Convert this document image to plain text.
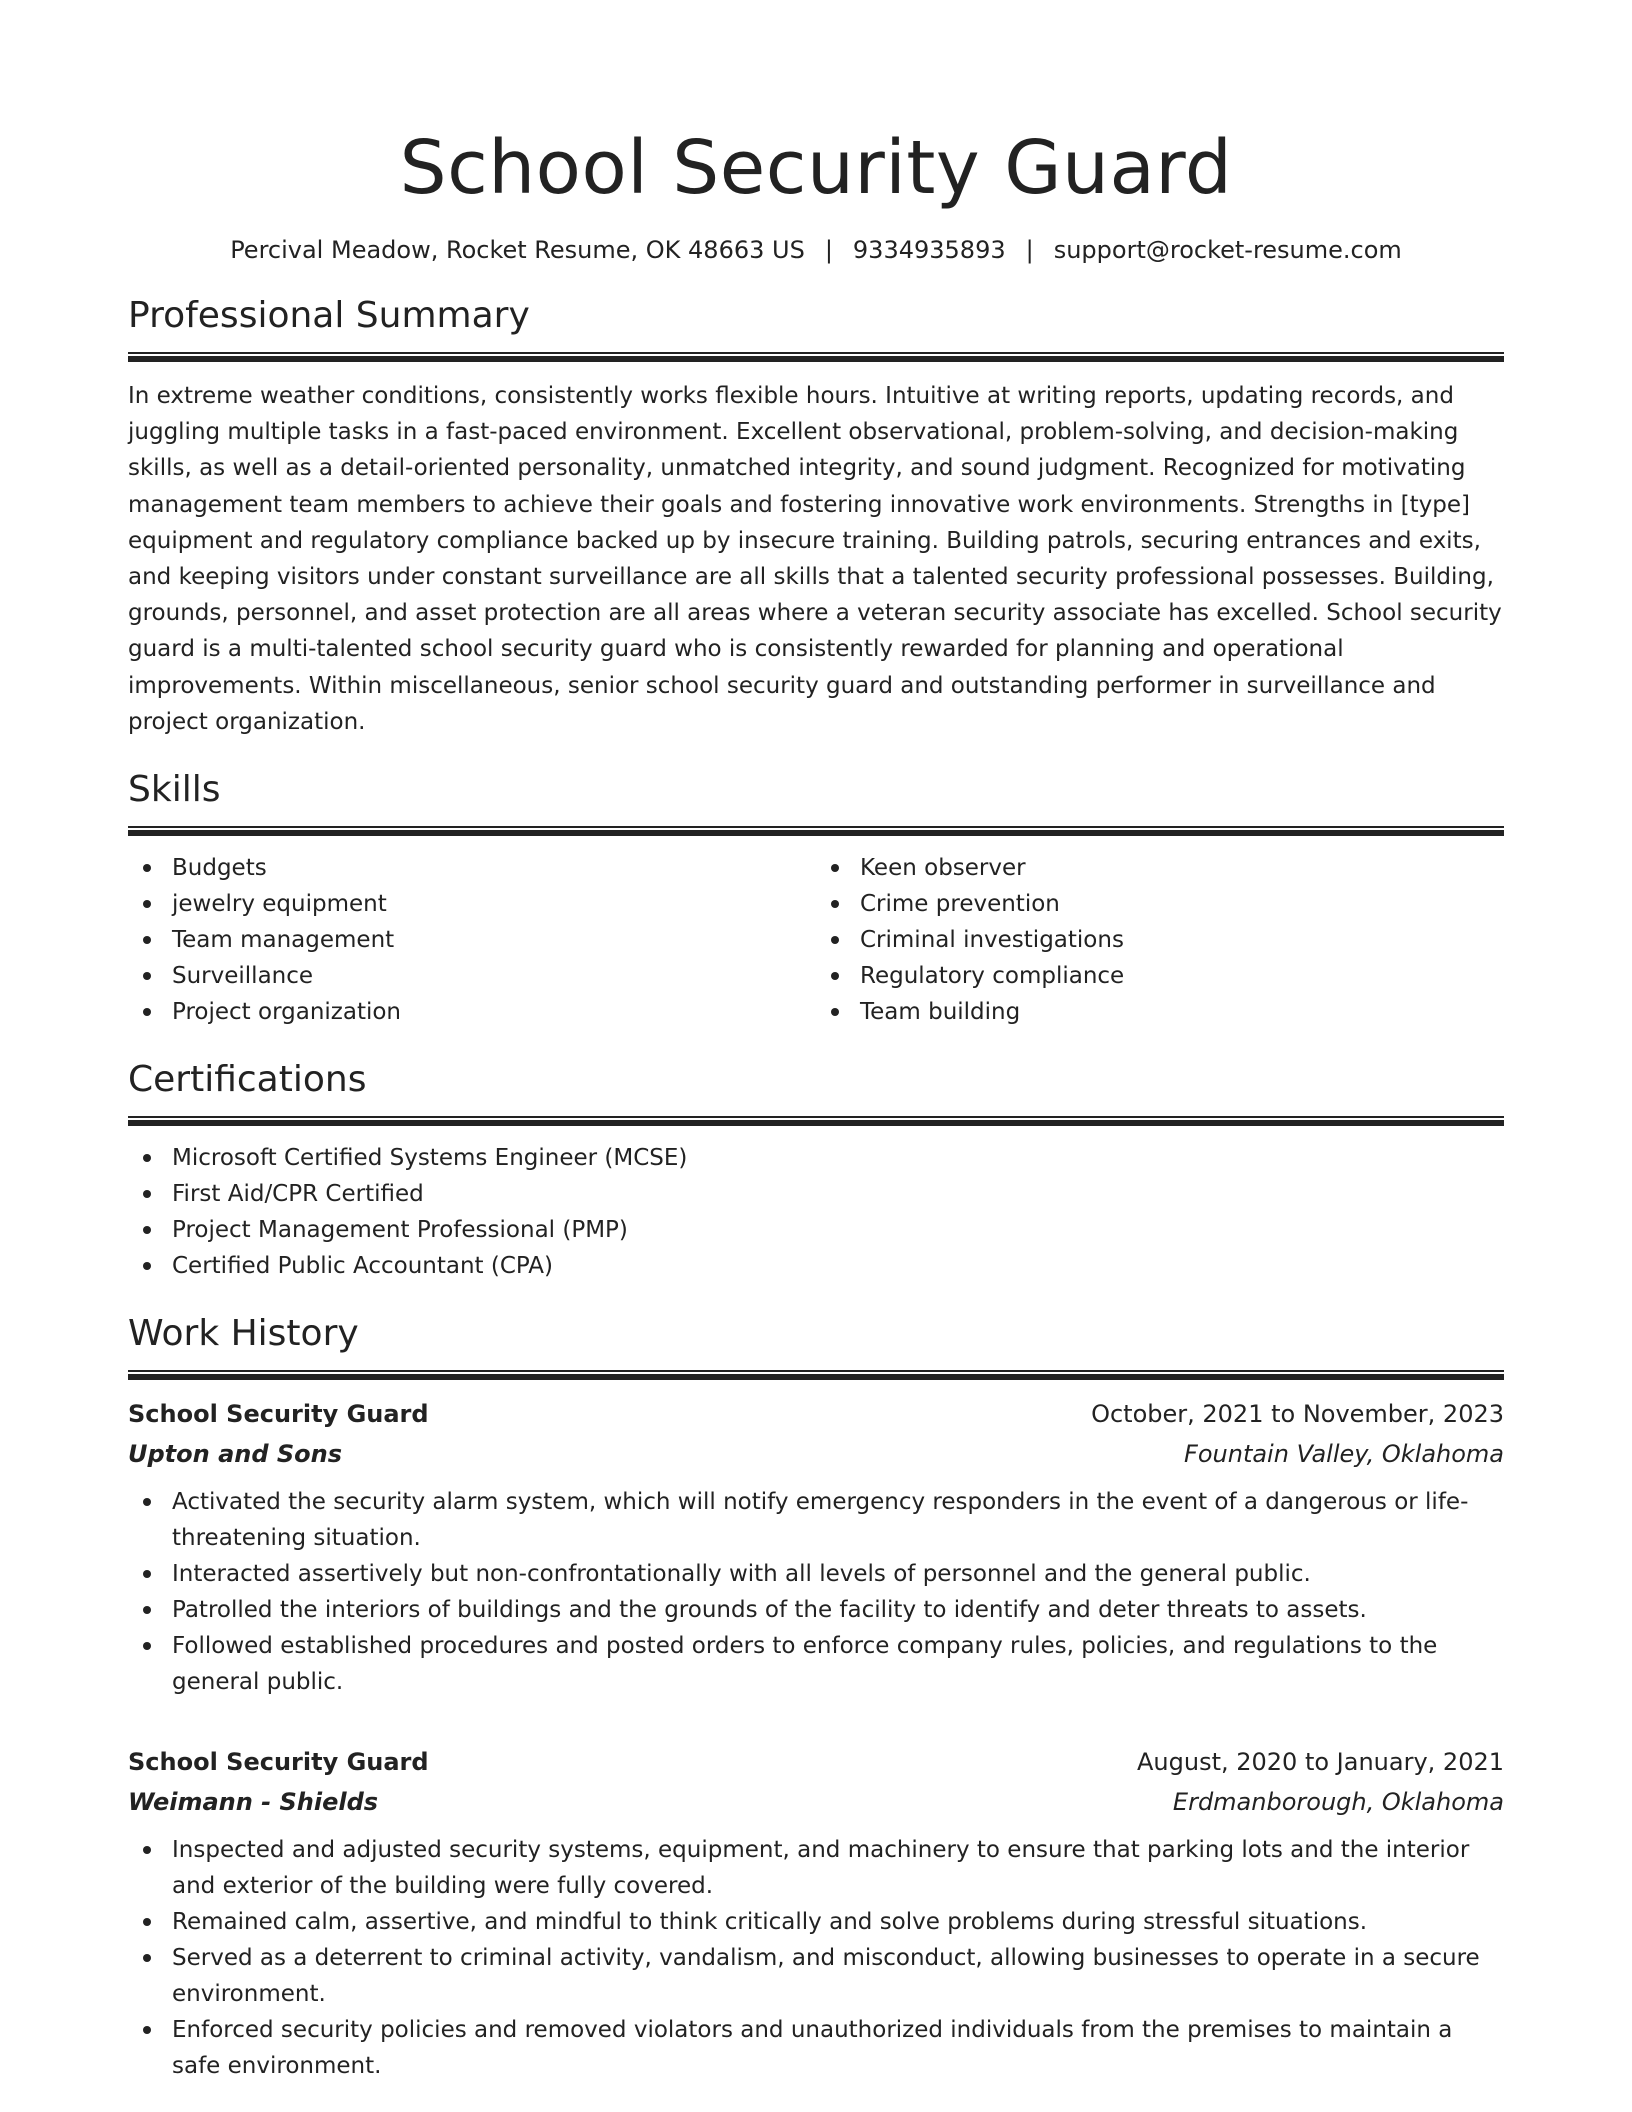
School Security Guard
Percival Meadow, Rocket Resume, OK 48663 US | 9334935893 | support@rocket-resume.com
Professional Summary

In extreme weather conditions, consistently works flexible hours. Intuitive at writing reports, updating records, and juggling multiple tasks in a fast-paced environment. Excellent observational, problem-solving, and decision-making skills, as well as a detail-oriented personality, unmatched integrity, and sound judgment. Recognized for motivating management team members to achieve their goals and fostering innovative work environments. Strengths in [type] equipment and regulatory compliance backed up by insecure training. Building patrols, securing entrances and exits, and keeping visitors under constant surveillance are all skills that a talented security professional possesses. Building, grounds, personnel, and asset protection are all areas where a veteran security associate has excelled. School security guard is a multi-talented school security guard who is consistently rewarded for planning and operational improvements. Within miscellaneous, senior school security guard and outstanding performer in surveillance and project organization.

Skills
Budgets
jewelry equipment
Team management
Surveillance
Project organization
Keen observer
Crime prevention
Criminal investigations
Regulatory compliance
Team building
Certifications
Microsoft Certified Systems Engineer (MCSE)
First Aid/CPR Certified
Project Management Professional (PMP)
Certified Public Accountant (CPA)
Work History
School Security Guard	October, 2021 to November, 2023
Upton and Sons	Fountain Valley, Oklahoma
Activated the security alarm system, which will notify emergency responders in the event of a dangerous or life-threatening situation.
Interacted assertively but non-confrontationally with all levels of personnel and the general public.
Patrolled the interiors of buildings and the grounds of the facility to identify and deter threats to assets.
Followed established procedures and posted orders to enforce company rules, policies, and regulations to the general public.
School Security Guard	August, 2020 to January, 2021
Weimann - Shields	Erdmanborough, Oklahoma
Inspected and adjusted security systems, equipment, and machinery to ensure that parking lots and the interior and exterior of the building were fully covered.
Remained calm, assertive, and mindful to think critically and solve problems during stressful situations.
Served as a deterrent to criminal activity, vandalism, and misconduct, allowing businesses to operate in a secure environment.
Enforced security policies and removed violators and unauthorized individuals from the premises to maintain a safe environment.
